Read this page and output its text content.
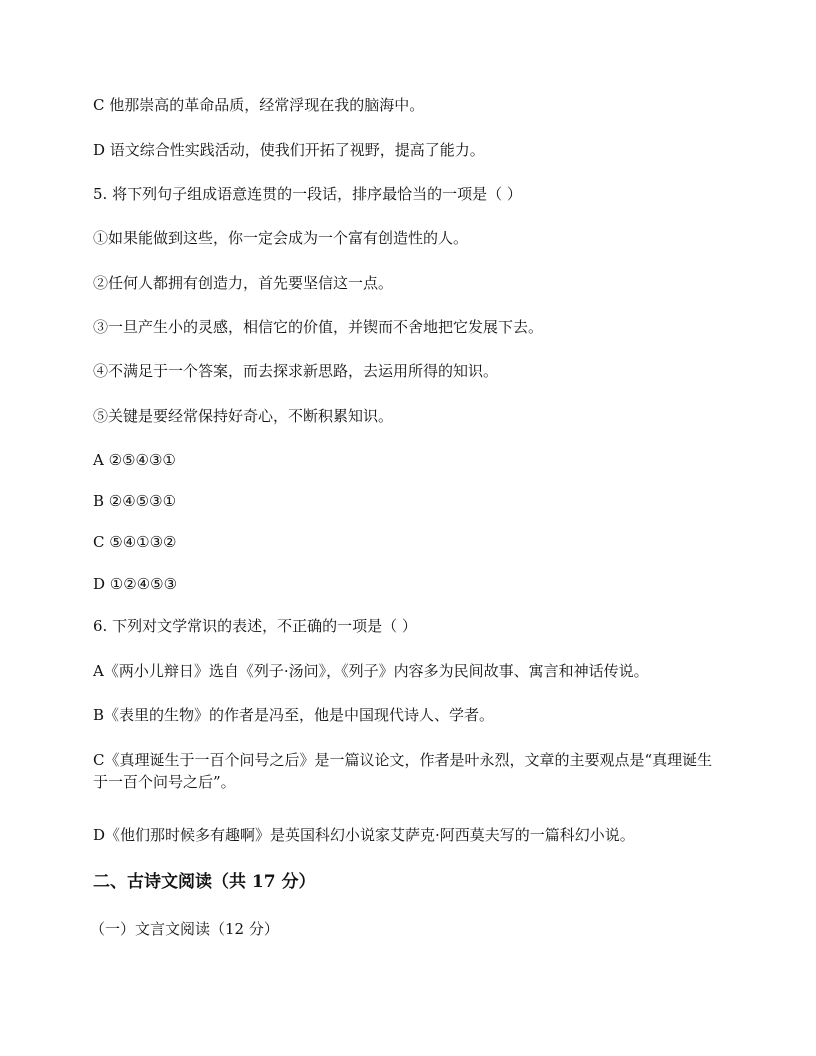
C 他那崇高的革命品质，经常浮现在我的脑海中。
D 语文综合性实践活动，使我们开拓了视野，提高了能力。
5. 将下列句子组成语意连贯的一段话，排序最恰当的一项是（ ）
①如果能做到这些，你一定会成为一个富有创造性的人。
②任何人都拥有创造力，首先要坚信这一点。
③一旦产生小的灵感，相信它的价值，并锲而不舍地把它发展下去。
④不满足于一个答案，而去探求新思路，去运用所得的知识。
⑤关键是要经常保持好奇心，不断积累知识。
A ②⑤④③①
B ②④⑤③①
C ⑤④①③②
D ①②④⑤③
6. 下列对文学常识的表述，不正确的一项是（ ）
A《两小儿辩日》选自《列子·汤问》，《列子》内容多为民间故事、寓言和神话传说。
B《表里的生物》的作者是冯至，他是中国现代诗人、学者。
C《真理诞生于一百个问号之后》是一篇议论文，作者是叶永烈，文章的主要观点是“真理诞生于一百个问号之后”。
D《他们那时候多有趣啊》是英国科幻小说家艾萨克·阿西莫夫写的一篇科幻小说。
二、古诗文阅读（共 17 分）
（一）文言文阅读（12 分）
